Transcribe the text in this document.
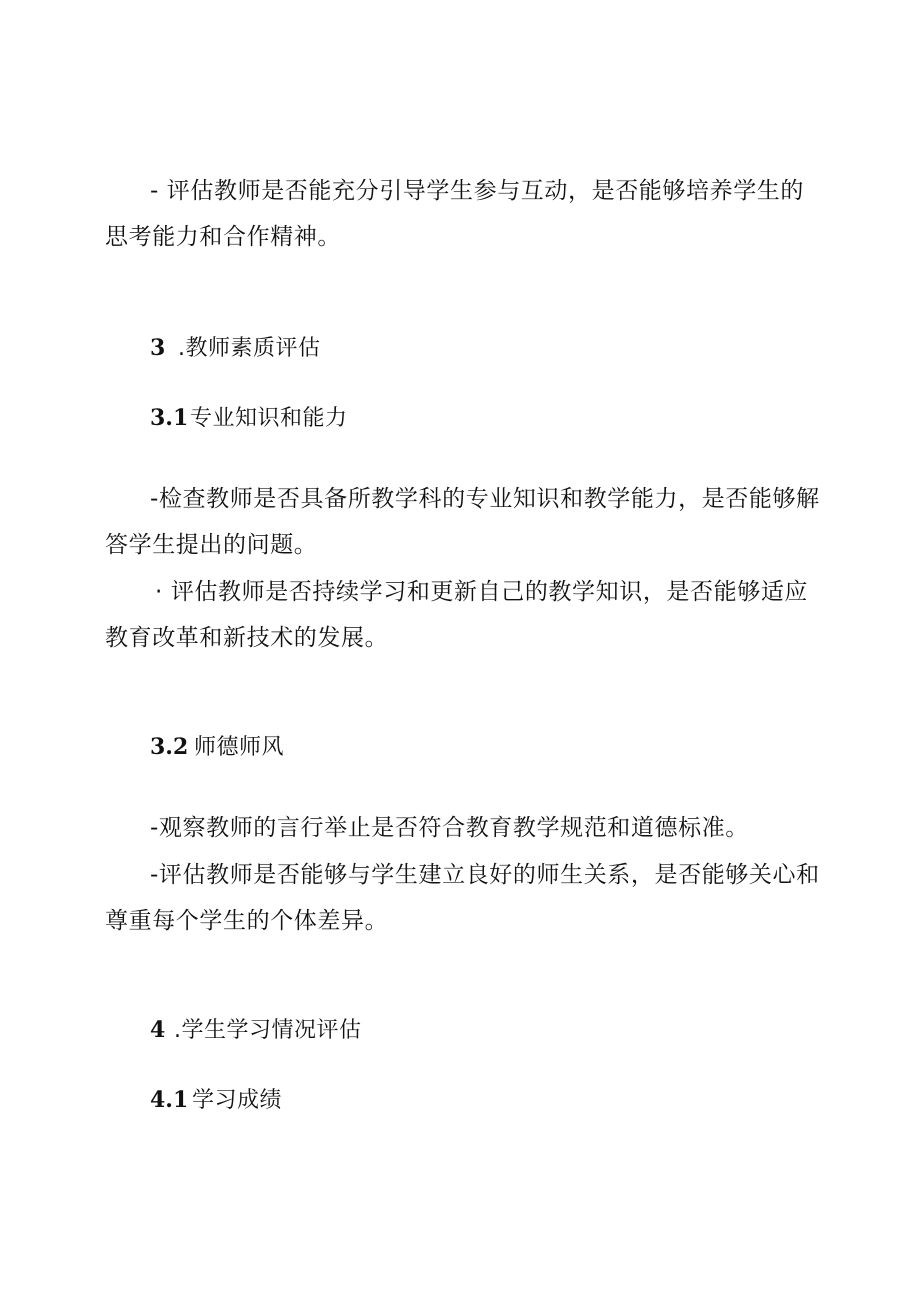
- 评估教师是否能充分引导学生参与互动，是否能够培养学生的
思考能力和合作精神。
3 .教师素质评估
3.1专业知识和能力
-检查教师是否具备所教学科的专业知识和教学能力，是否能够解
答学生提出的问题。
· 评估教师是否持续学习和更新自己的教学知识，是否能够适应
教育改革和新技术的发展。
3.2 师德师风
-观察教师的言行举止是否符合教育教学规范和道德标准。
-评估教师是否能够与学生建立良好的师生关系，是否能够关心和
尊重每个学生的个体差异。
4 .学生学习情况评估
4.1 学习成绩
